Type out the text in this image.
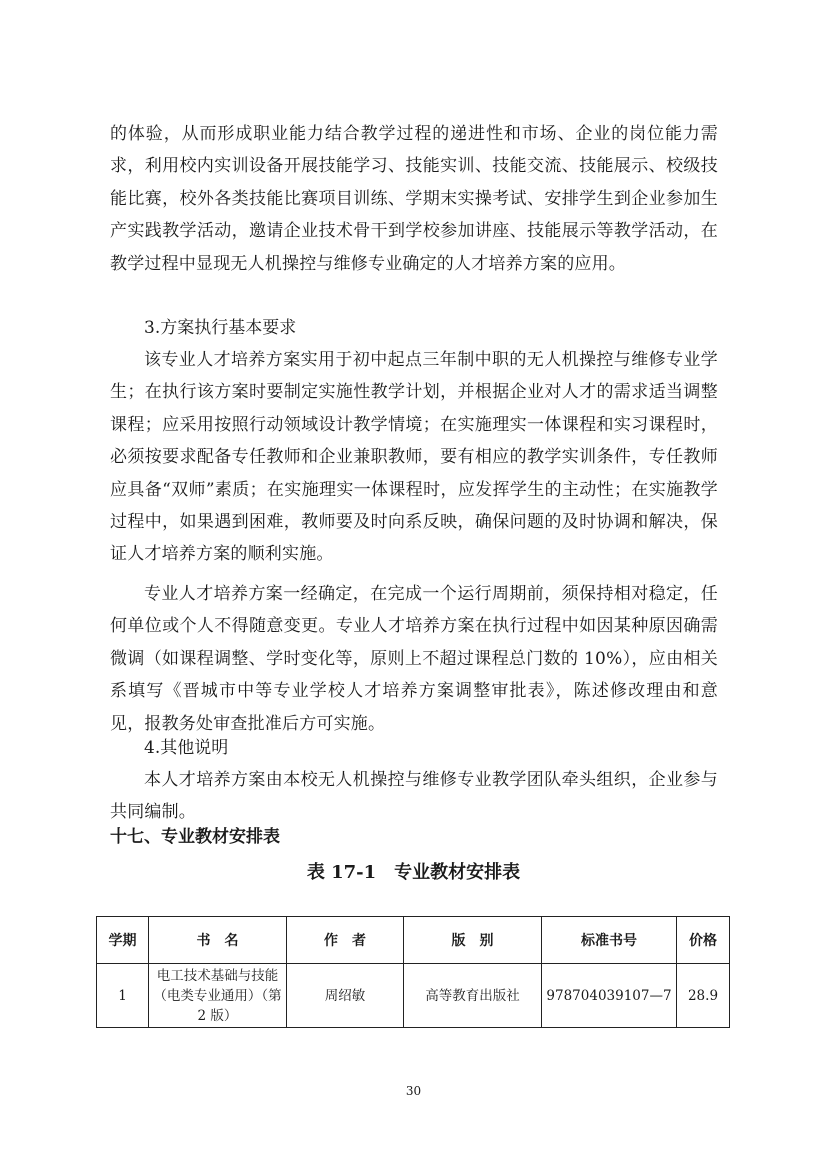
的体验，从而形成职业能力结合教学过程的递进性和市场、企业的岗位能力需求，利用校内实训设备开展技能学习、技能实训、技能交流、技能展示、校级技能比赛，校外各类技能比赛项目训练、学期末实操考试、安排学生到企业参加生产实践教学活动，邀请企业技术骨干到学校参加讲座、技能展示等教学活动，在教学过程中显现无人机操控与维修专业确定的人才培养方案的应用。

3.方案执行基本要求

该专业人才培养方案实用于初中起点三年制中职的无人机操控与维修专业学生；在执行该方案时要制定实施性教学计划，并根据企业对人才的需求适当调整课程；应采用按照行动领域设计教学情境；在实施理实一体课程和实习课程时，必须按要求配备专任教师和企业兼职教师，要有相应的教学实训条件，专任教师应具备“双师”素质；在实施理实一体课程时，应发挥学生的主动性；在实施教学过程中，如果遇到困难，教师要及时向系反映，确保问题的及时协调和解决，保证人才培养方案的顺利实施。

专业人才培养方案一经确定，在完成一个运行周期前，须保持相对稳定，任何单位或个人不得随意变更。专业人才培养方案在执行过程中如因某种原因确需微调（如课程调整、学时变化等，原则上不超过课程总门数的 10%），应由相关系填写《晋城市中等专业学校人才培养方案调整审批表》，陈述修改理由和意见，报教务处审查批准后方可实施。

4.其他说明

本人才培养方案由本校无人机操控与维修专业教学团队牵头组织，企业参与共同编制。

十七、专业教材安排表
表 17-1　专业教材安排表
学期	书　名	作　者	版　别	标准书号	价格
1	电工技术基础与技能（电类专业通用）（第 2 版）	周绍敏	高等教育出版社	978704039107—7	28.9
30
